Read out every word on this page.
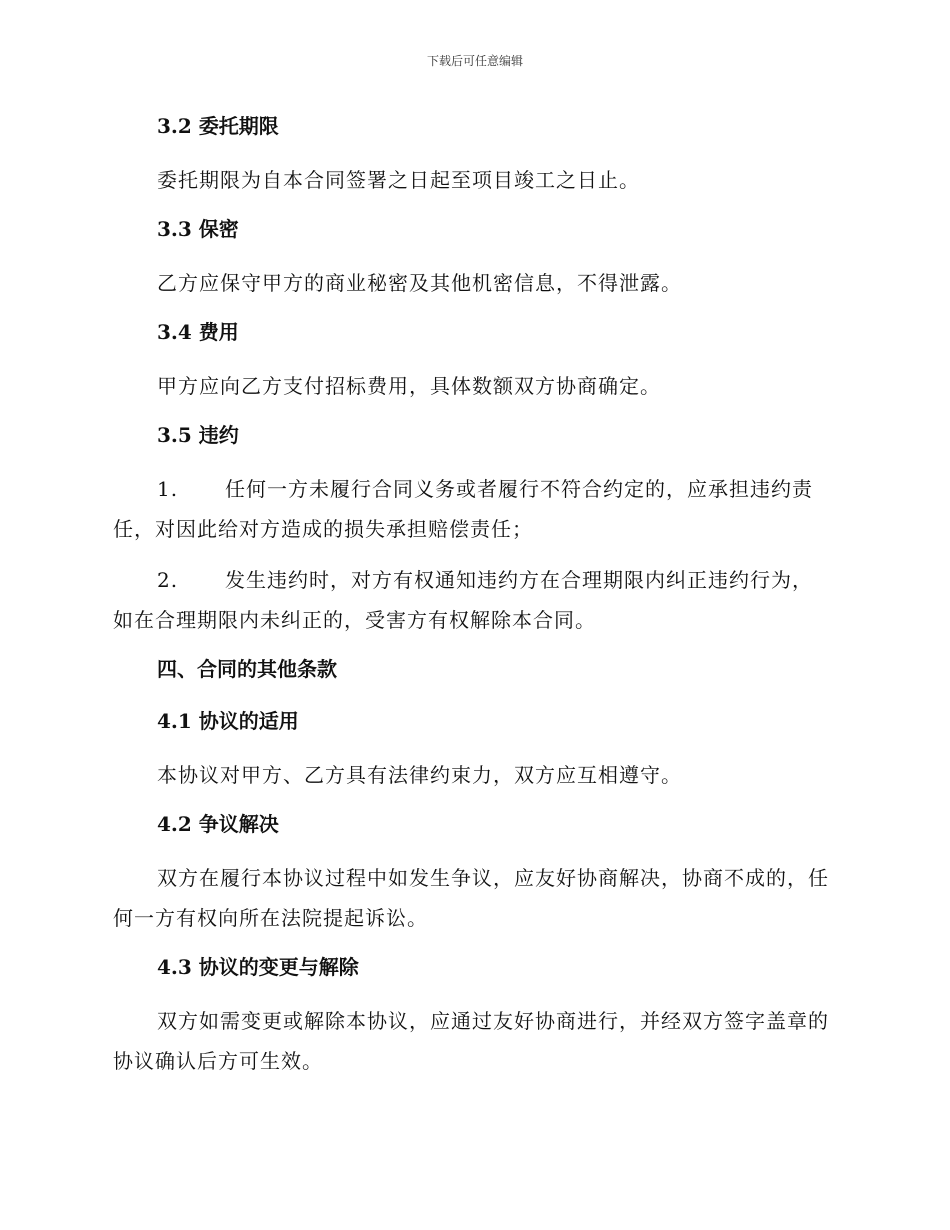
下载后可任意编辑
3.2 委托期限

委托期限为自本合同签署之日起至项目竣工之日止。

3.3 保密

乙方应保守甲方的商业秘密及其他机密信息，不得泄露。

3.4 费用

甲方应向乙方支付招标费用，具体数额双方协商确定。

3.5 违约

1. 任何一方未履行合同义务或者履行不符合约定的，应承担违约责任，对因此给对方造成的损失承担赔偿责任；

2. 发生违约时，对方有权通知违约方在合理期限内纠正违约行为，如在合理期限内未纠正的，受害方有权解除本合同。

四、合同的其他条款
4.1 协议的适用

本协议对甲方、乙方具有法律约束力，双方应互相遵守。

4.2 争议解决

双方在履行本协议过程中如发生争议，应友好协商解决，协商不成的，任何一方有权向所在法院提起诉讼。

4.3 协议的变更与解除

双方如需变更或解除本协议，应通过友好协商进行，并经双方签字盖章的协议确认后方可生效。
